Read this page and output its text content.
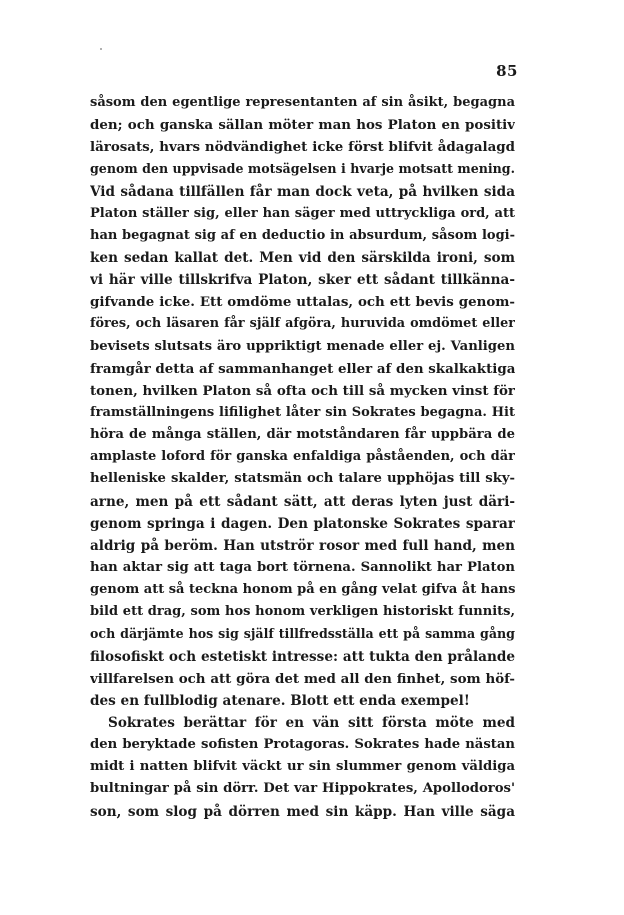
85
såsom den egentlige representanten af sin åsikt, begagna
den; och ganska sällan möter man hos Platon en positiv
lärosats, hvars nödvändighet icke först blifvit ådagalagd
genom den uppvisade motsägelsen i hvarje motsatt mening.
Vid sådana tillfällen får man dock veta, på hvilken sida
Platon ställer sig, eller han säger med uttryckliga ord, att
han begagnat sig af en deductio in absurdum, såsom logi-
ken sedan kallat det. Men vid den särskilda ironi, som
vi här ville tillskrifva Platon, sker ett sådant tillkänna-
gifvande icke. Ett omdöme uttalas, och ett bevis genom-
föres, och läsaren får själf afgöra, huruvida omdömet eller
bevisets slutsats äro uppriktigt menade eller ej. Vanligen
framgår detta af sammanhanget eller af den skalkaktiga
tonen, hvilken Platon så ofta och till så mycken vinst för
framställningens lifilighet låter sin Sokrates begagna. Hit
höra de många ställen, där motståndaren får uppbära de
amplaste loford för ganska enfaldiga påståenden, och där
helleniske skalder, statsmän och talare upphöjas till sky-
arne, men på ett sådant sätt, att deras lyten just däri-
genom springa i dagen. Den platonske Sokrates sparar
aldrig på beröm. Han utströr rosor med full hand, men
han aktar sig att taga bort törnena. Sannolikt har Platon
genom att så teckna honom på en gång velat gifva åt hans
bild ett drag, som hos honom verkligen historiskt funnits,
och därjämte hos sig själf tillfredsställa ett på samma gång
filosofiskt och estetiskt intresse: att tukta den prålande
villfarelsen och att göra det med all den finhet, som höf-
des en fullblodig atenare. Blott ett enda exempel!
Sokrates berättar för en vän sitt första möte med
den beryktade sofisten Protagoras. Sokrates hade nästan
midt i natten blifvit väckt ur sin slummer genom väldiga
bultningar på sin dörr. Det var Hippokrates, Apollodoros'
son, som slog på dörren med sin käpp. Han ville säga
